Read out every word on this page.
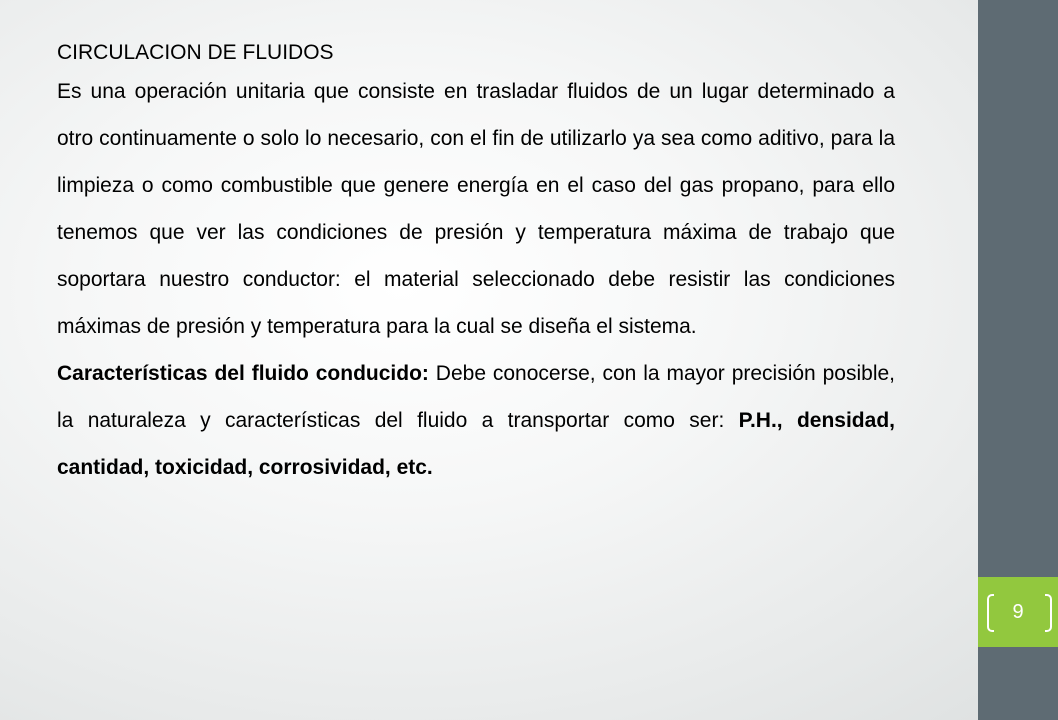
9

CIRCULACION DE FLUIDOS

Es una operación unitaria que consiste en trasladar fluidos de un lugar determinado a otro continuamente o solo lo necesario, con el fin de utilizarlo ya sea como aditivo, para la limpieza o como combustible que genere energía en el caso del gas propano, para ello tenemos que ver las condiciones de presión y temperatura máxima de trabajo que soportara nuestro conductor: el material seleccionado debe resistir las condiciones máximas de presión y temperatura para la cual se diseña el sistema.

Características del fluido conducido: Debe conocerse, con la mayor precisión posible, la naturaleza y características del fluido a transportar como ser: P.H., densidad, cantidad, toxicidad, corrosividad, etc.
